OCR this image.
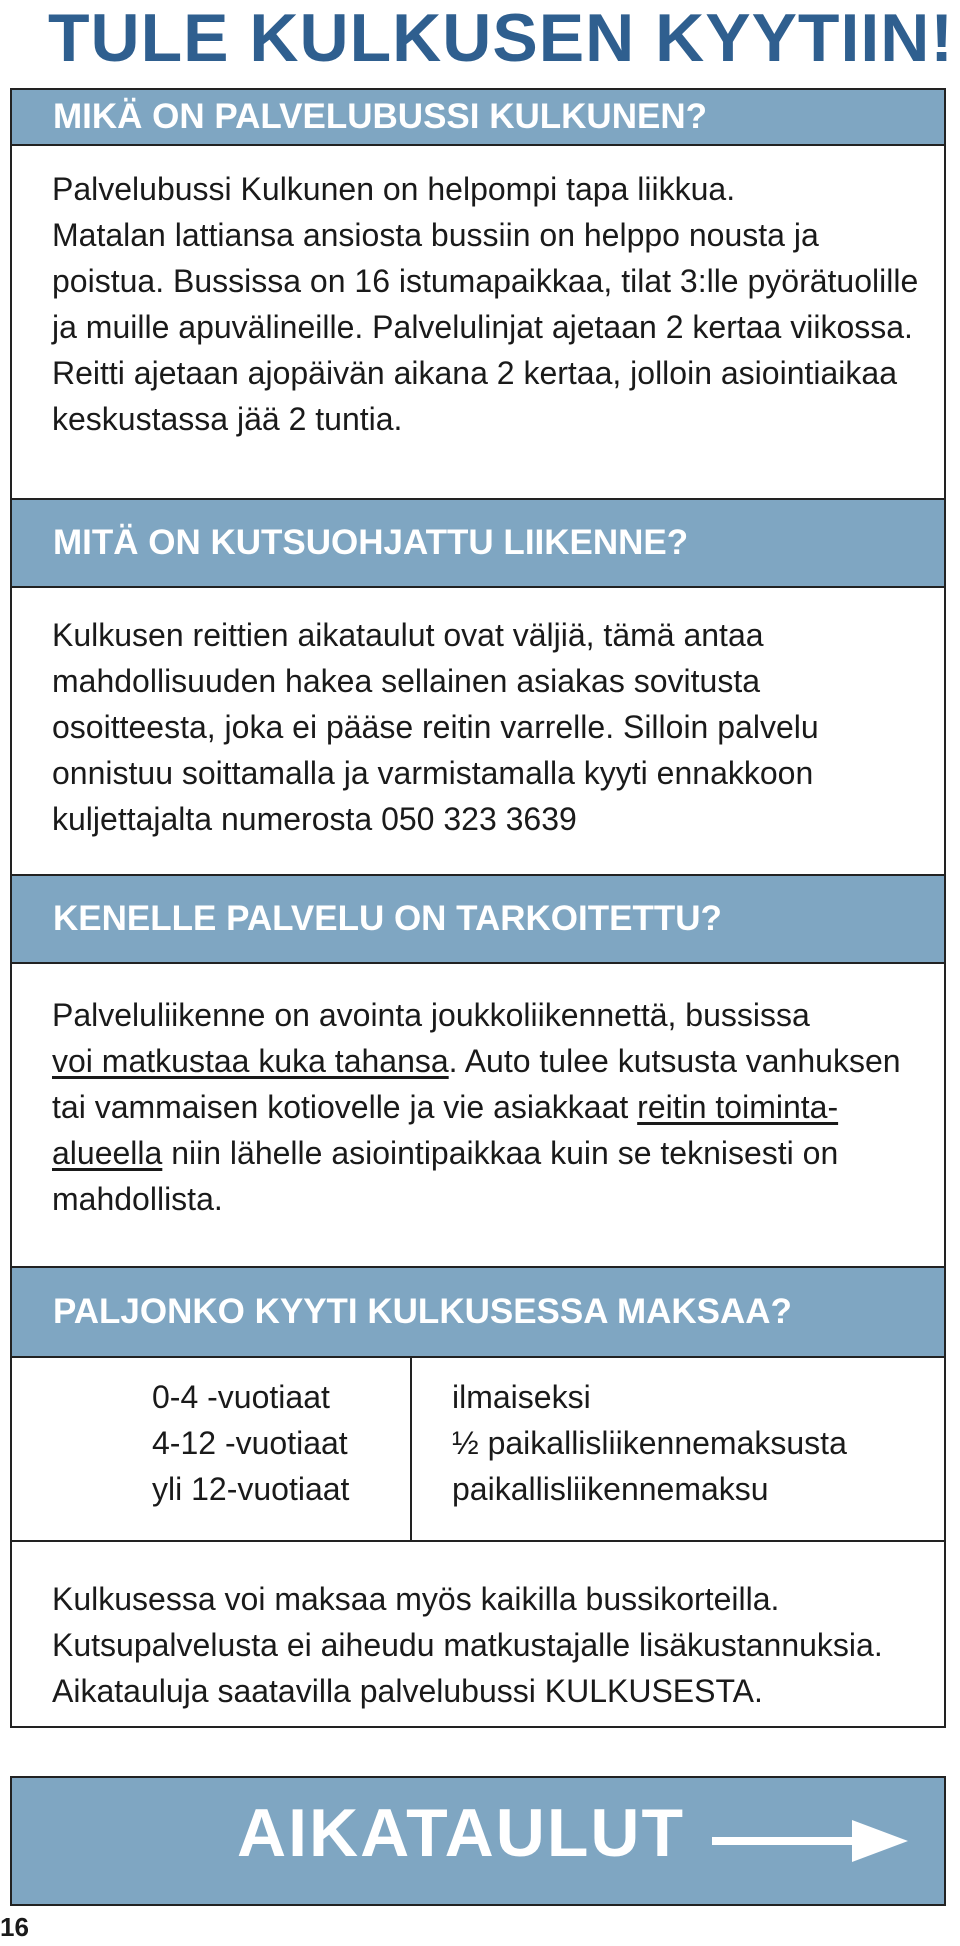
TULE KULKUSEN KYYTIIN!
MIKÄ ON PALVELUBUSSI KULKUNEN?

Palvelubussi Kulkunen on helpompi tapa liikkua.

Matalan lattiansa ansiosta bussiin on helppo nousta ja

poistua. Bussissa on 16 istumapaikkaa, tilat 3:lle pyörätuolille

ja muille apuvälineille. Palvelulinjat ajetaan 2 kertaa viikossa.

Reitti ajetaan ajopäivän aikana 2 kertaa, jolloin asiointiaikaa

keskustassa jää 2 tuntia.

MITÄ ON KUTSUOHJATTU LIIKENNE?

Kulkusen reittien aikataulut ovat väljiä, tämä antaa

mahdollisuuden hakea sellainen asiakas sovitusta

osoitteesta, joka ei pääse reitin varrelle. Silloin palvelu

onnistuu soittamalla ja varmistamalla kyyti ennakkoon

kuljettajalta numerosta 050 323 3639

KENELLE PALVELU ON TARKOITETTU?

Palveluliikenne on avointa joukkoliikennettä, bussissa

voi matkustaa kuka tahansa. Auto tulee kutsusta vanhuksen

tai vammaisen kotiovelle ja vie asiakkaat reitin toiminta-

alueella niin lähelle asiointipaikkaa kuin se teknisesti on

mahdollista.

PALJONKO KYYTI KULKUSESSA MAKSAA?
0-4 -vuotiaat
4-12 -vuotiaat
yli 12-vuotiaat
ilmaiseksi
½ paikallisliikennemaksusta
paikallisliikennemaksu

Kulkusessa voi maksaa myös kaikilla bussikorteilla.

Kutsupalvelusta ei aiheudu matkustajalle lisäkustannuksia.

Aikatauluja saatavilla palvelubussi KULKUSESTA.

AIKATAULUT
16
